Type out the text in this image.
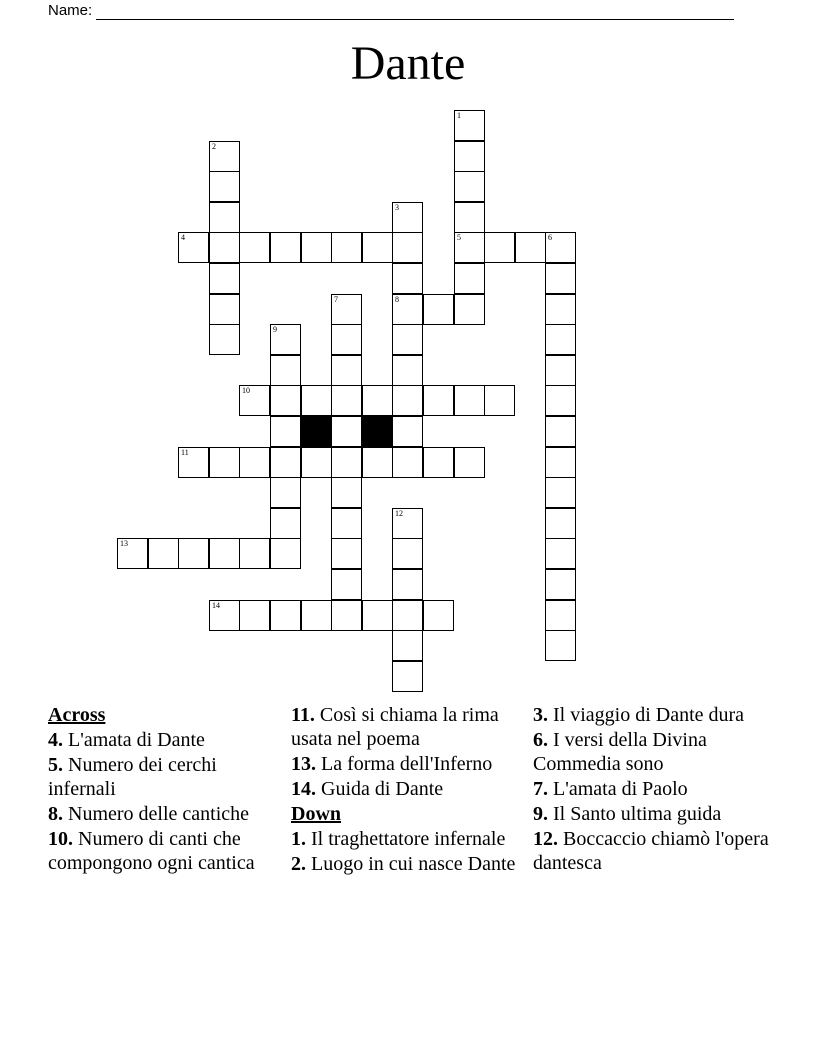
Name:
Dante
1
5
2
3
8
4	6
7
9
10
11
12
13
14
Across
4. L'amata di Dante
5. Numero dei cerchi infernali
8. Numero delle cantiche
10. Numero di canti che compongono ogni cantica
11. Così si chiama la rima usata nel poema
13. La forma dell'Inferno
14. Guida di Dante
Down
1. Il traghettatore infernale
2. Luogo in cui nasce Dante
3. Il viaggio di Dante dura
6. I versi della Divina Commedia sono
7. L'amata di Paolo
9. Il Santo ultima guida
12. Boccaccio chiamò l'opera dantesca
